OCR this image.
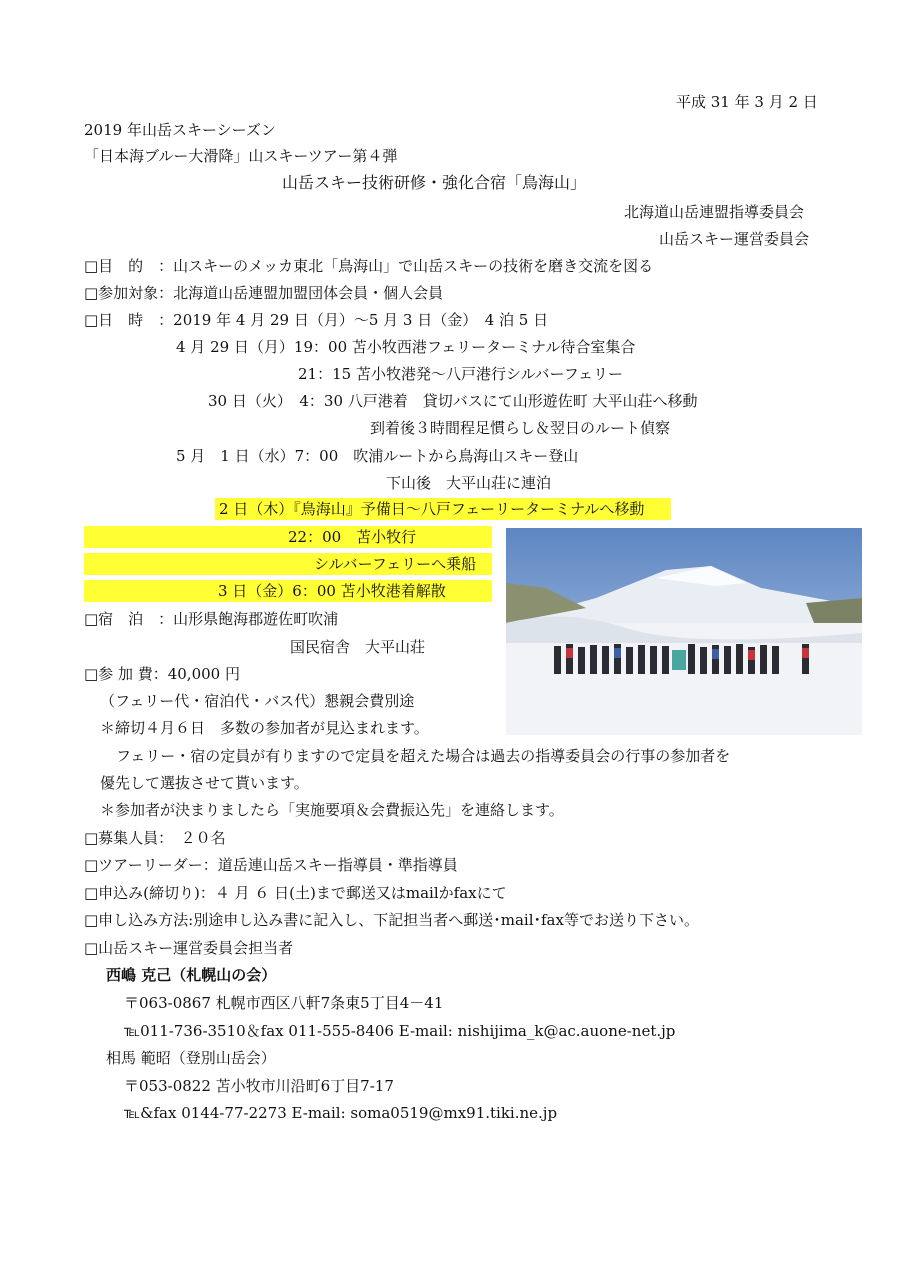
平成 31 年 3 月 2 日
2019 年山岳スキーシーズン
「日本海ブルー大滑降」山スキーツアー第４弾
山岳スキー技術研修・強化合宿「鳥海山」
北海道山岳連盟指導委員会
山岳スキー運営委員会
□目　的　：山スキーのメッカ東北「鳥海山」で山岳スキーの技術を磨き交流を図る
□参加対象：北海道山岳連盟加盟団体会員・個人会員
□日　時　：2019 年 4 月 29 日（月）～5 月 3 日（金）　4 泊 5 日
4 月 29 日（月）19：00 苫小牧西港フェリーターミナル待合室集合
21：15 苫小牧港発～八戸港行シルバーフェリー
30 日（火）　4：30 八戸港着　貸切バスにて山形遊佐町 大平山荘へ移動
到着後３時間程足慣らし＆翌日のルート偵察
5 月　1 日（水）7：00　吹浦ルートから鳥海山スキー登山
下山後　大平山荘に連泊
2 日（木）『鳥海山』予備日～八戸フェーリーターミナルへ移動
22：00　苫小牧行
シルバーフェリーへ乗船
3 日（金）6：00 苫小牧港着解散
□宿　泊　：山形県飽海郡遊佐町吹浦
国民宿舎　大平山荘
□参 加 費：40,000 円
（フェリー代・宿泊代・バス代）懇親会費別途
＊締切４月６日　多数の参加者が見込まれます。
フェリー・宿の定員が有りますので定員を超えた場合は過去の指導委員会の行事の参加者を
優先して選抜させて貰います。
＊参加者が決まりましたら「実施要項＆会費振込先」を連絡します。
□募集人員：　２０名
□ツアーリーダー：道岳連山岳スキー指導員・準指導員
□申込み(締切り)：４ 月 ６ 日(土)まで郵送又はmailかfaxにて
□申し込み方法:別途申し込み書に記入し、下記担当者へ郵送･mail･fax等でお送り下さい。
□山岳スキー運営委員会担当者
西嶋 克己（札幌山の会）
〒063-0867 札幌市西区八軒7条東5丁目4－41
℡011-736-3510＆fax 011-555-8406 E-mail: nishijima_k@ac.auone-net.jp
相馬 範昭（登別山岳会）
〒053-0822 苫小牧市川沿町6丁目7-17
℡&fax 0144-77-2273 E-mail: soma0519@mx91.tiki.ne.jp
